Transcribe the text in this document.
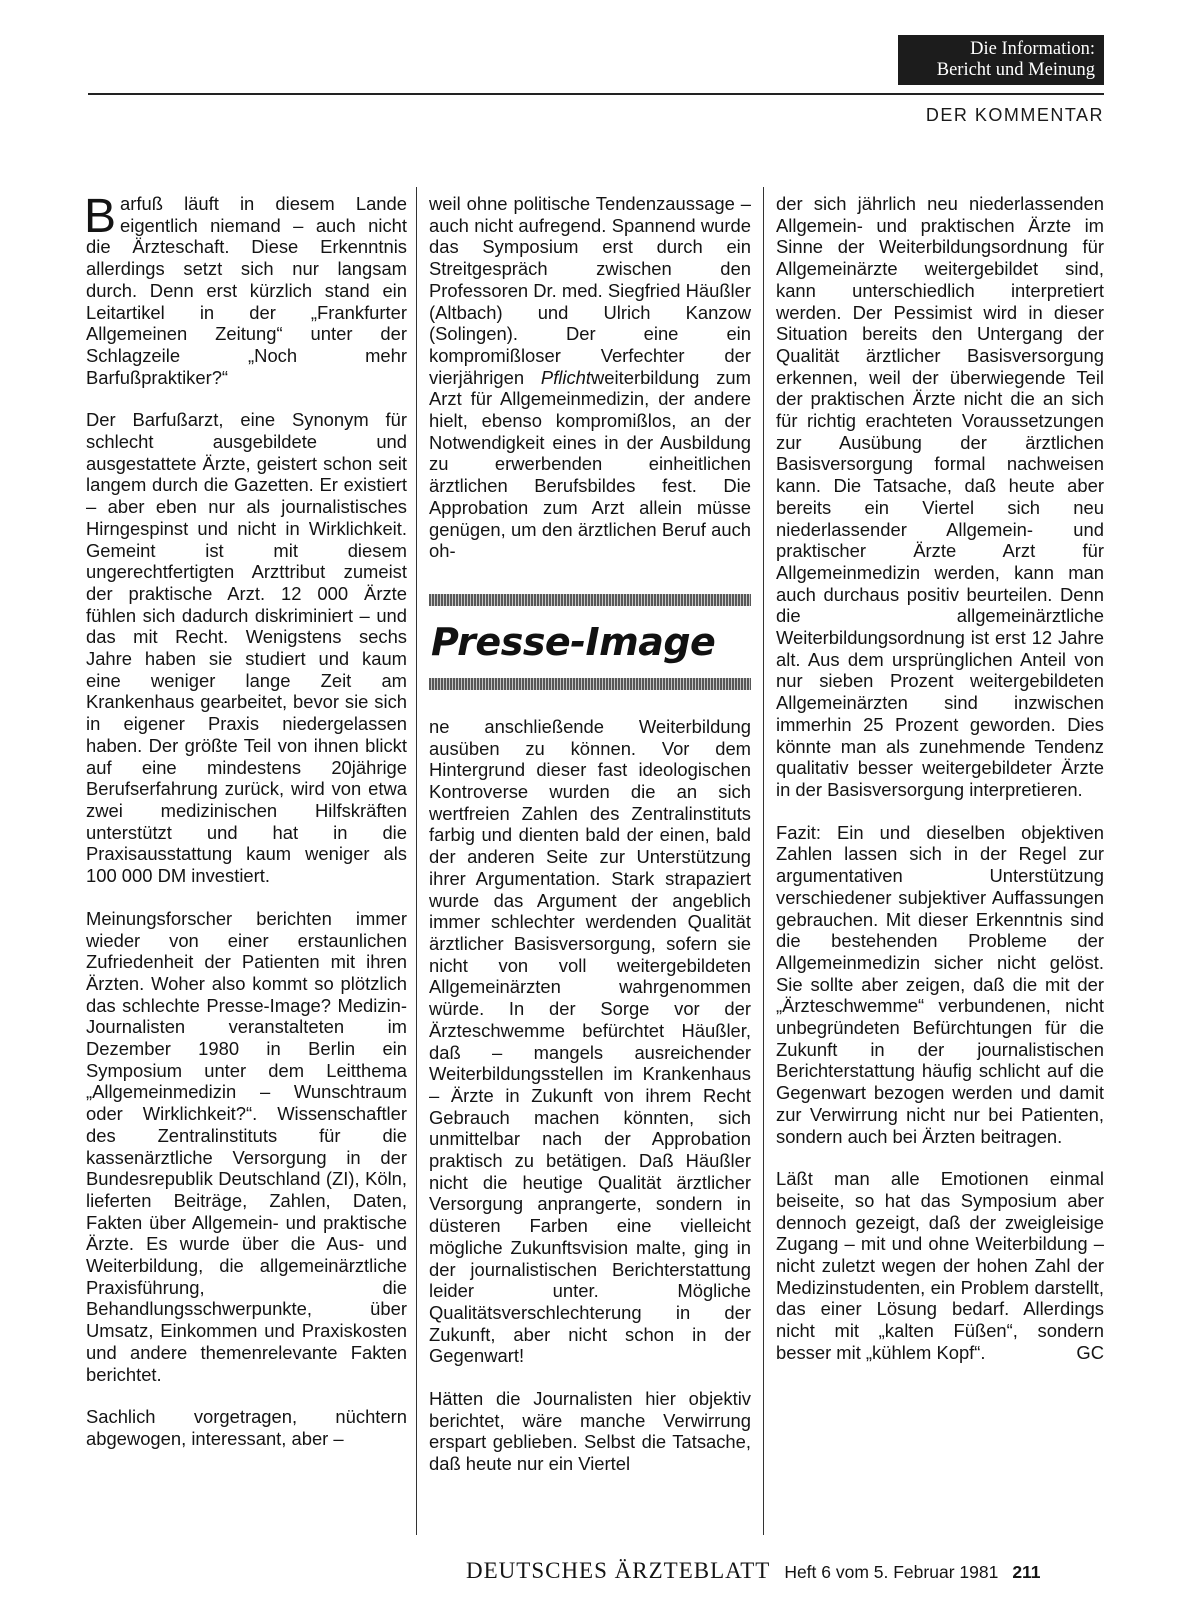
Die Information:
Bericht und Meinung
DER KOMMENTAR

Barfuß läuft in diesem Lande eigentlich niemand – auch nicht die Ärzteschaft. Diese Erkenntnis allerdings setzt sich nur langsam durch. Denn erst kürzlich stand ein Leitartikel in der „Frankfurter Allgemeinen Zeitung“ unter der Schlagzeile „Noch mehr Barfußpraktiker?“

Der Barfußarzt, eine Synonym für schlecht ausgebildete und ausgestattete Ärzte, geistert schon seit langem durch die Gazetten. Er existiert – aber eben nur als journalistisches Hirngespinst und nicht in Wirklichkeit. Gemeint ist mit diesem ungerechtfertigten Arzttribut zumeist der praktische Arzt. 12 000 Ärzte fühlen sich dadurch diskriminiert – und das mit Recht. Wenigstens sechs Jahre haben sie studiert und kaum eine weniger lange Zeit am Krankenhaus gearbeitet, bevor sie sich in eigener Praxis niedergelassen haben. Der größte Teil von ihnen blickt auf eine mindestens 20jährige Berufserfahrung zurück, wird von etwa zwei medizinischen Hilfskräften unterstützt und hat in die Praxisausstattung kaum weniger als 100 000 DM investiert.

Meinungsforscher berichten immer wieder von einer erstaunlichen Zufriedenheit der Patienten mit ihren Ärzten. Woher also kommt so plötzlich das schlechte Presse-Image? Medizin-Journalisten veranstalteten im Dezember 1980 in Berlin ein Symposium unter dem Leitthema „Allgemeinmedizin – Wunschtraum oder Wirklichkeit?“. Wissenschaftler des Zentralinstituts für die kassenärztliche Versorgung in der Bundesrepublik Deutschland (ZI), Köln, lieferten Beiträge, Zahlen, Daten, Fakten über Allgemein- und praktische Ärzte. Es wurde über die Aus- und Weiterbildung, die allgemeinärztliche Praxisführung, die Behandlungsschwerpunkte, über Umsatz, Einkommen und Praxiskosten und andere themenrelevante Fakten berichtet.

Sachlich vorgetragen, nüchtern abgewogen, interessant, aber –

weil ohne politische Tendenzaussage – auch nicht aufregend. Spannend wurde das Symposium erst durch ein Streitgespräch zwischen den Professoren Dr. med. Siegfried Häußler (Altbach) und Ulrich Kanzow (Solingen). Der eine ein kompromißloser Verfechter der vierjährigen Pflichtweiterbildung zum Arzt für Allgemeinmedizin, der andere hielt, ebenso kompromißlos, an der Notwendigkeit eines in der Ausbildung zu erwerbenden einheitlichen ärztlichen Berufsbildes fest. Die Approbation zum Arzt allein müsse genügen, um den ärztlichen Beruf auch oh-
Presse-Image
ne anschließende Weiterbildung ausüben zu können. Vor dem Hintergrund dieser fast ideologischen Kontroverse wurden die an sich wertfreien Zahlen des Zentralinstituts farbig und dienten bald der einen, bald der anderen Seite zur Unterstützung ihrer Argumentation. Stark strapaziert wurde das Argument der angeblich immer schlechter werdenden Qualität ärztlicher Basisversorgung, sofern sie nicht von voll weitergebildeten Allgemeinärzten wahrgenommen würde. In der Sorge vor der Ärzteschwemme befürchtet Häußler, daß – mangels ausreichender Weiterbildungsstellen im Krankenhaus – Ärzte in Zukunft von ihrem Recht Gebrauch machen könnten, sich unmittelbar nach der Approbation praktisch zu betätigen. Daß Häußler nicht die heutige Qualität ärztlicher Versorgung anprangerte, sondern in düsteren Farben eine vielleicht mögliche Zukunftsvision malte, ging in der journalistischen Berichterstattung leider unter. Mögliche Qualitätsverschlechterung in der Zukunft, aber nicht schon in der Gegenwart!

Hätten die Journalisten hier objektiv berichtet, wäre manche Verwirrung erspart geblieben. Selbst die Tatsache, daß heute nur ein Viertel

der sich jährlich neu niederlassenden Allgemein- und praktischen Ärzte im Sinne der Weiterbildungsordnung für Allgemeinärzte weitergebildet sind, kann unterschiedlich interpretiert werden. Der Pessimist wird in dieser Situation bereits den Untergang der Qualität ärztlicher Basisversorgung erkennen, weil der überwiegende Teil der praktischen Ärzte nicht die an sich für richtig erachteten Voraussetzungen zur Ausübung der ärztlichen Basisversorgung formal nachweisen kann. Die Tatsache, daß heute aber bereits ein Viertel sich neu niederlassender Allgemein- und praktischer Ärzte Arzt für Allgemeinmedizin werden, kann man auch durchaus positiv beurteilen. Denn die allgemeinärztliche Weiterbildungsordnung ist erst 12 Jahre alt. Aus dem ursprünglichen Anteil von nur sieben Prozent weitergebildeten Allgemeinärzten sind inzwischen immerhin 25 Prozent geworden. Dies könnte man als zunehmende Tendenz qualitativ besser weitergebildeter Ärzte in der Basisversorgung interpretieren.

Fazit: Ein und dieselben objektiven Zahlen lassen sich in der Regel zur argumentativen Unterstützung verschiedener subjektiver Auffassungen gebrauchen. Mit dieser Erkenntnis sind die bestehenden Probleme der Allgemeinmedizin sicher nicht gelöst. Sie sollte aber zeigen, daß die mit der „Ärzteschwemme“ verbundenen, nicht unbegründeten Befürchtungen für die Zukunft in der journalistischen Berichterstattung häufig schlicht auf die Gegenwart bezogen werden und damit zur Verwirrung nicht nur bei Patienten, sondern auch bei Ärzten beitragen.

Läßt man alle Emotionen einmal beiseite, so hat das Symposium aber dennoch gezeigt, daß der zweigleisige Zugang – mit und ohne Weiterbildung – nicht zuletzt wegen der hohen Zahl der Medizinstudenten, ein Problem darstellt, das einer Lösung bedarf. Allerdings nicht mit „kalten Füßen“, sondern besser mit „kühlem Kopf“.	GC

DEUTSCHES ÄRZTEBLATT Heft 6 vom 5. Februar 1981 211
